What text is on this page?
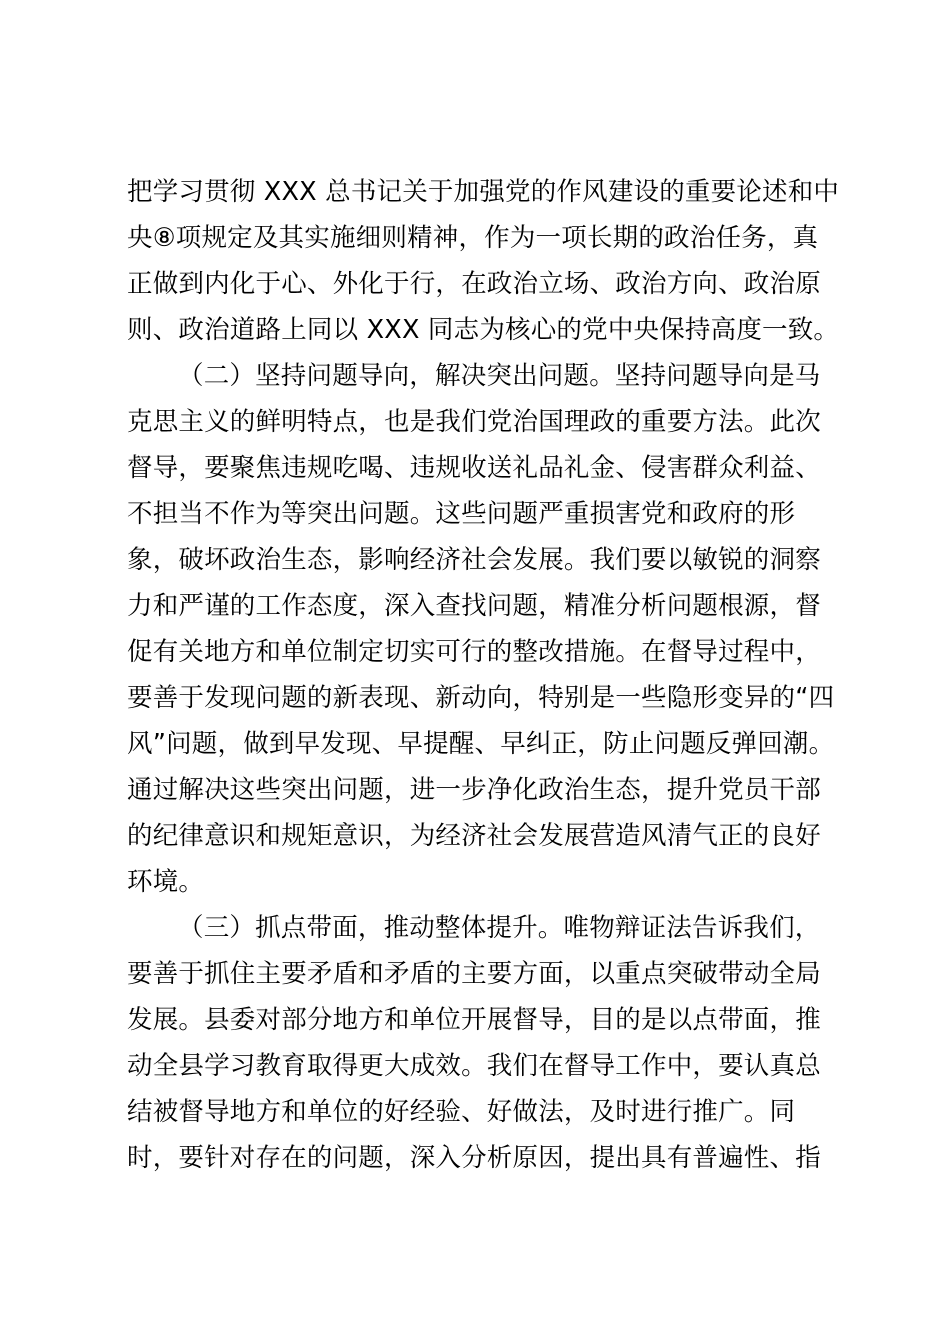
把学习贯彻 XXX 总书记关于加强党的作风建设的重要论述和中
央⑧项规定及其实施细则精神，作为一项长期的政治任务，真
正做到内化于心、外化于行，在政治立场、政治方向、政治原
则、政治道路上同以 XXX 同志为核心的党中央保持高度一致。
（二）坚持问题导向，解决突出问题。坚持问题导向是马
克思主义的鲜明特点，也是我们党治国理政的重要方法。此次
督导，要聚焦违规吃喝、违规收送礼品礼金、侵害群众利益、
不担当不作为等突出问题。这些问题严重损害党和政府的形
象，破坏政治生态，影响经济社会发展。我们要以敏锐的洞察
力和严谨的工作态度，深入查找问题，精准分析问题根源，督
促有关地方和单位制定切实可行的整改措施。在督导过程中，
要善于发现问题的新表现、新动向，特别是一些隐形变异的“四
风”问题，做到早发现、早提醒、早纠正，防止问题反弹回潮。
通过解决这些突出问题，进一步净化政治生态，提升党员干部
的纪律意识和规矩意识，为经济社会发展营造风清气正的良好
环境。
（三）抓点带面，推动整体提升。唯物辩证法告诉我们，
要善于抓住主要矛盾和矛盾的主要方面，以重点突破带动全局
发展。县委对部分地方和单位开展督导，目的是以点带面，推
动全县学习教育取得更大成效。我们在督导工作中，要认真总
结被督导地方和单位的好经验、好做法，及时进行推广。同
时，要针对存在的问题，深入分析原因，提出具有普遍性、指
